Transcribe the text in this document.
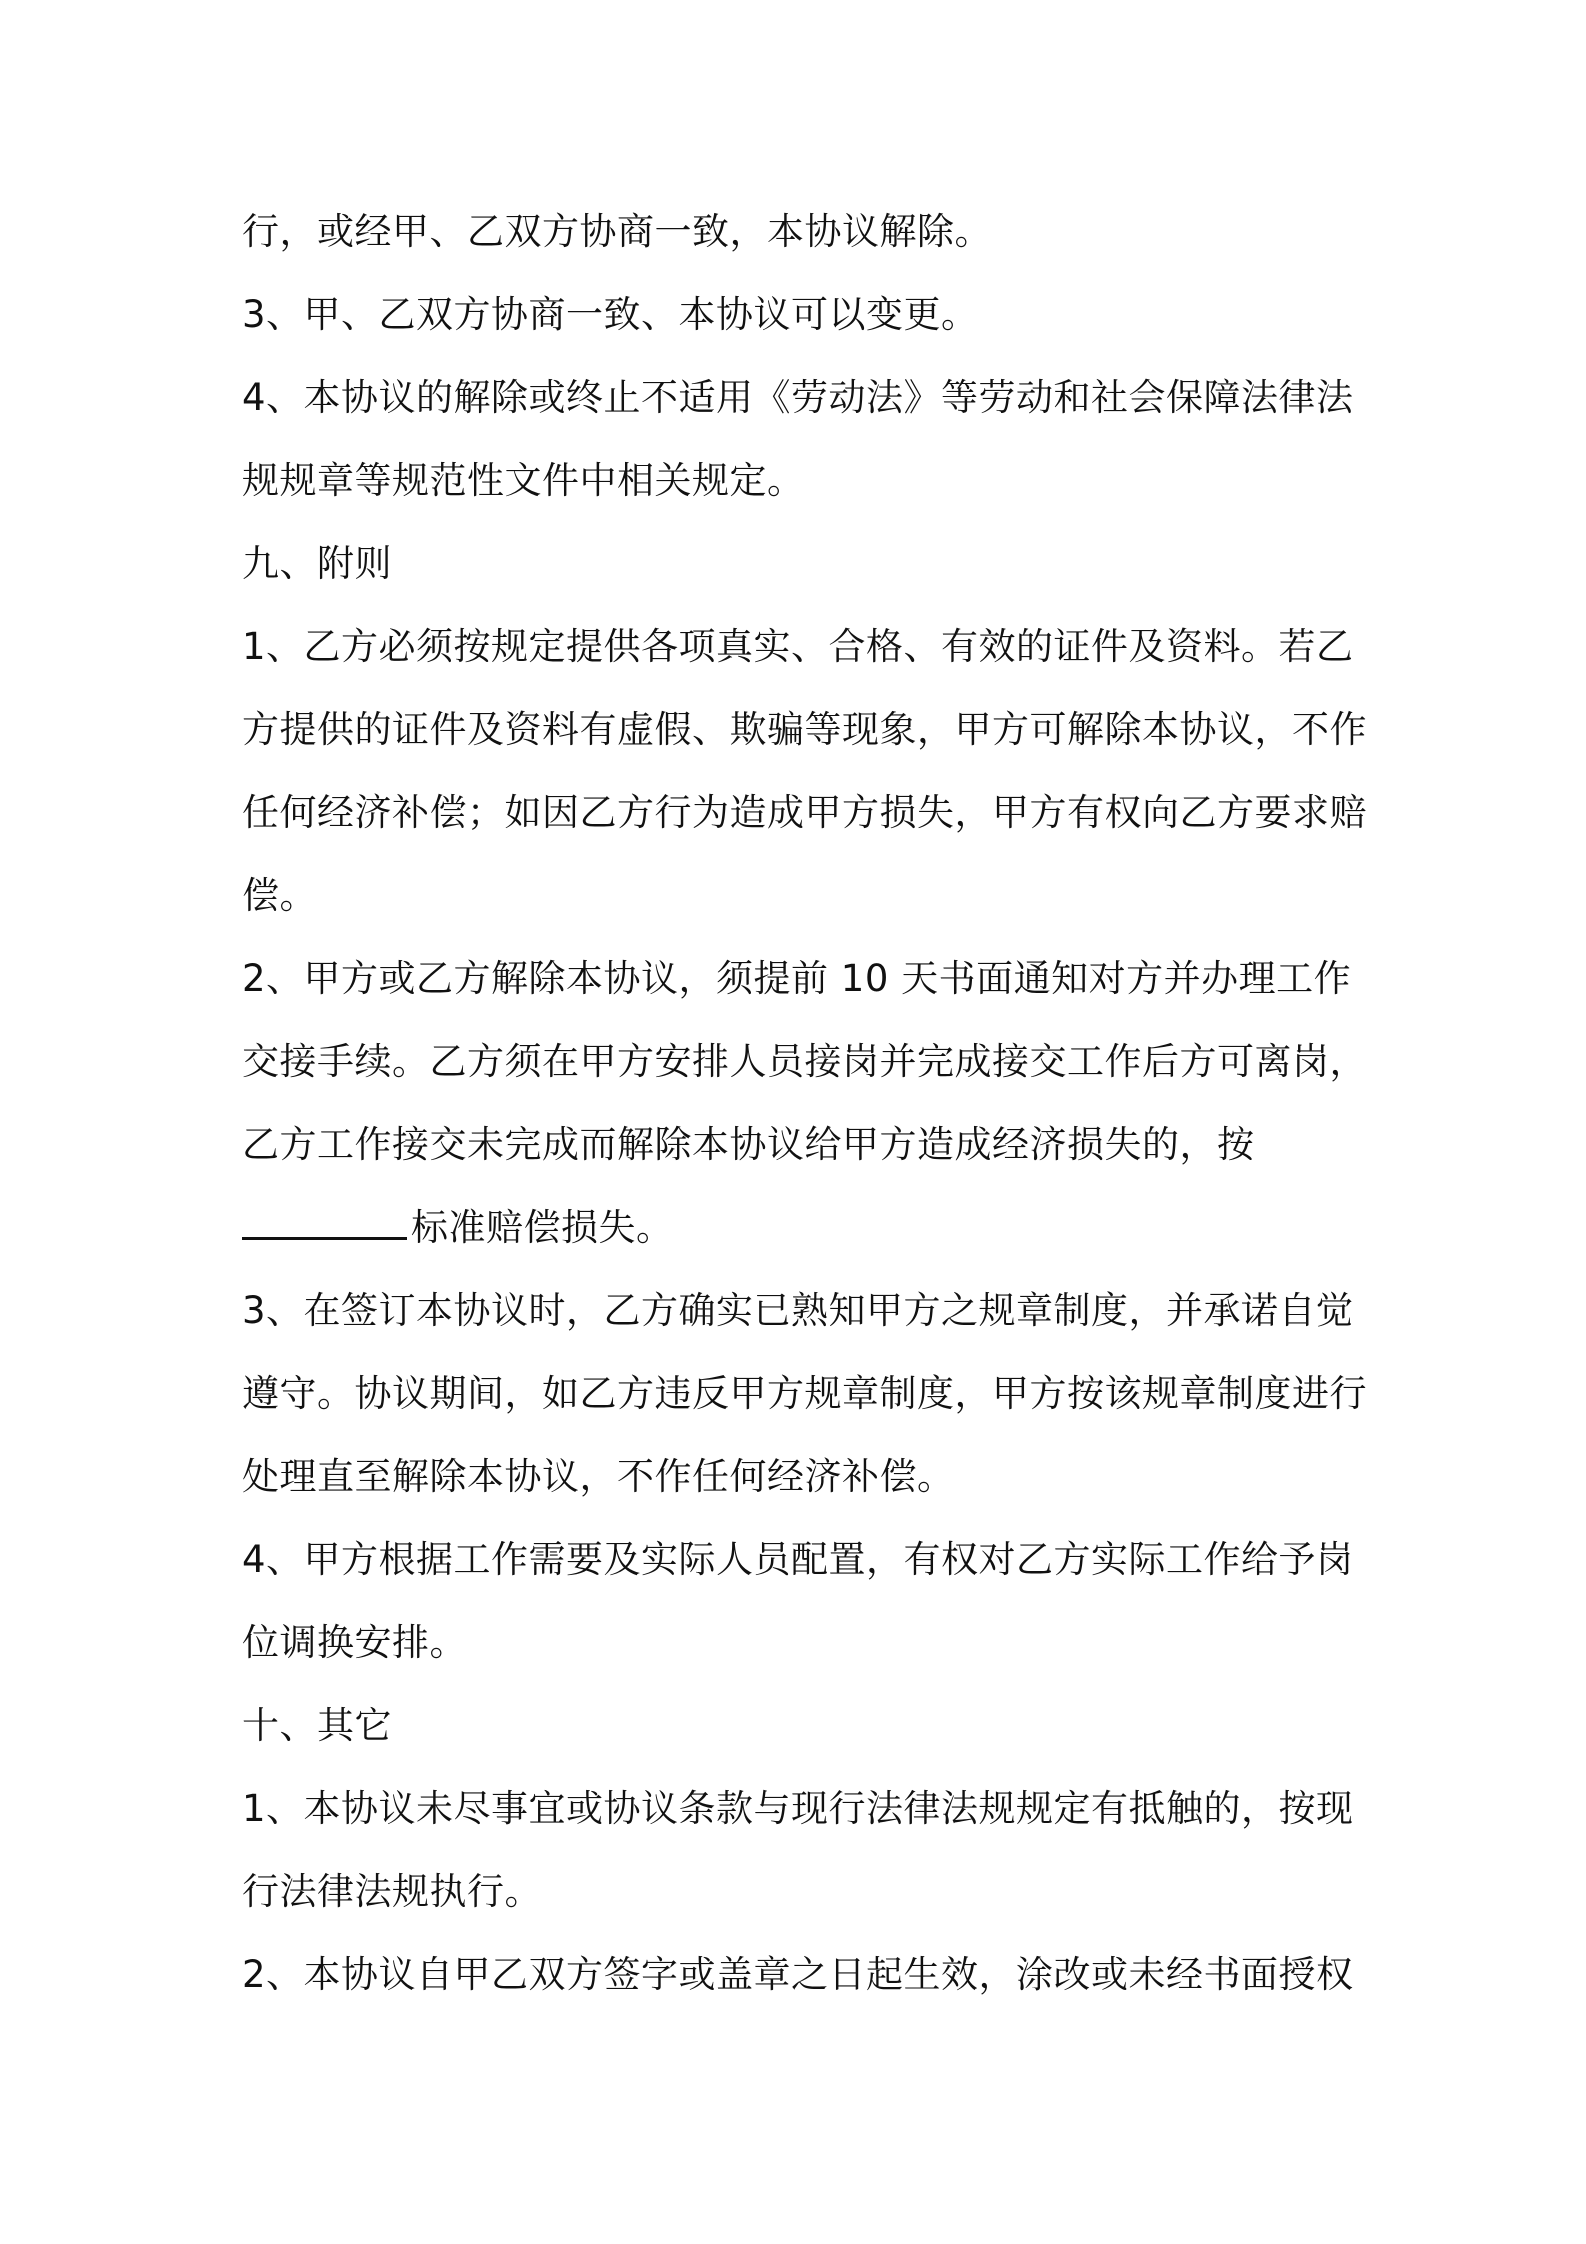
行，或经甲、乙双方协商一致，本协议解除。
3、甲、乙双方协商一致、本协议可以变更。
4、本协议的解除或终止不适用《劳动法》等劳动和社会保障法律法
规规章等规范性文件中相关规定。
九、附则
1、乙方必须按规定提供各项真实、合格、有效的证件及资料。若乙
方提供的证件及资料有虚假、欺骗等现象，甲方可解除本协议，不作
任何经济补偿；如因乙方行为造成甲方损失，甲方有权向乙方要求赔
偿。
2、甲方或乙方解除本协议，须提前 10 天书面通知对方并办理工作
交接手续。乙方须在甲方安排人员接岗并完成接交工作后方可离岗，
乙方工作接交未完成而解除本协议给甲方造成经济损失的，按
标准赔偿损失。
3、在签订本协议时，乙方确实已熟知甲方之规章制度，并承诺自觉
遵守。协议期间，如乙方违反甲方规章制度，甲方按该规章制度进行
处理直至解除本协议，不作任何经济补偿。
4、甲方根据工作需要及实际人员配置，有权对乙方实际工作给予岗
位调换安排。
十、其它
1、本协议未尽事宜或协议条款与现行法律法规规定有抵触的，按现
行法律法规执行。
2、本协议自甲乙双方签字或盖章之日起生效，涂改或未经书面授权
